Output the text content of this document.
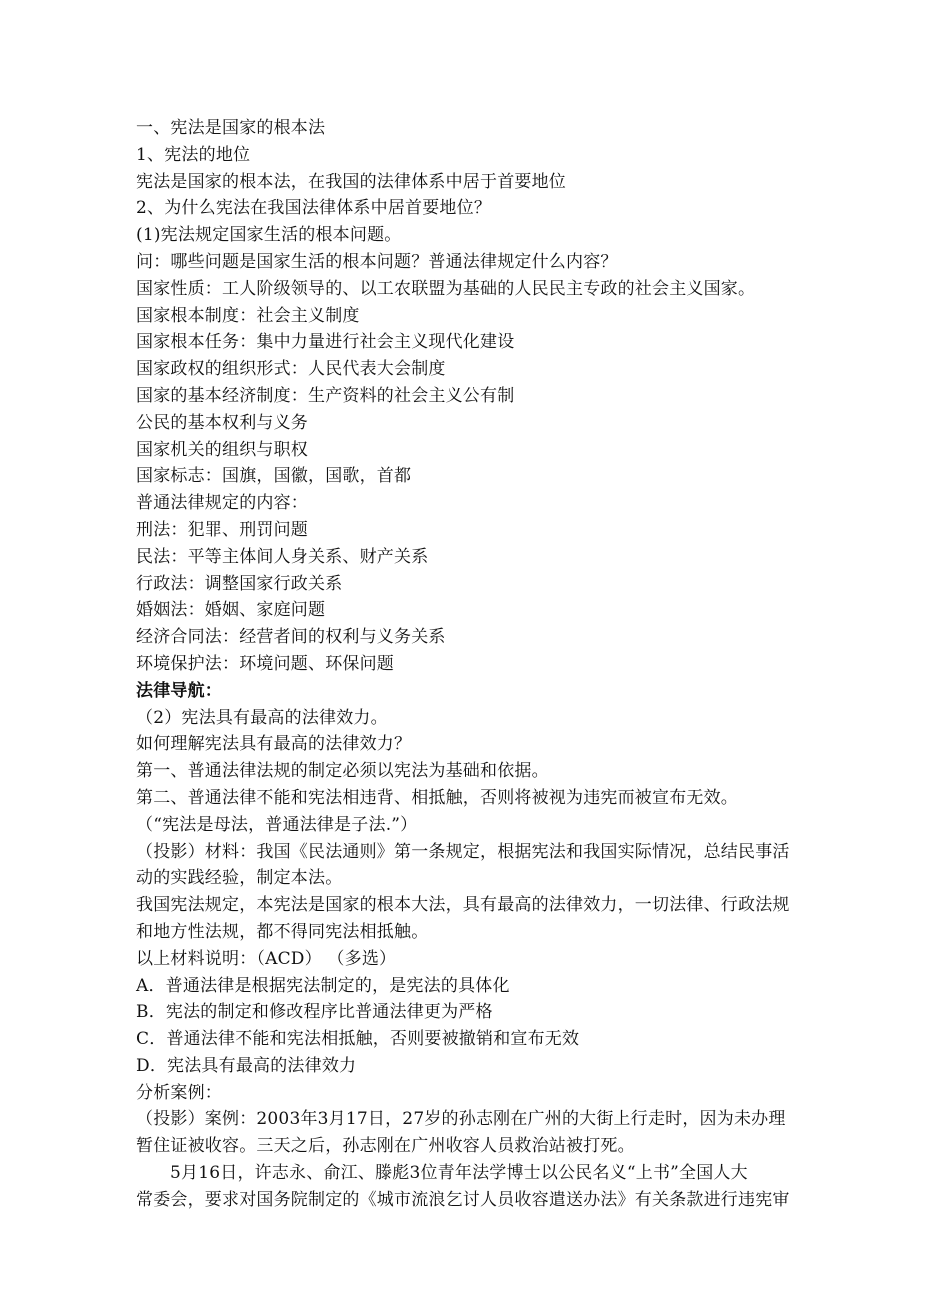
一、宪法是国家的根本法
1、宪法的地位
宪法是国家的根本法，在我国的法律体系中居于首要地位
2、为什么宪法在我国法律体系中居首要地位？
(1)宪法规定国家生活的根本问题。
问：哪些问题是国家生活的根本问题？普通法律规定什么内容？
国家性质：工人阶级领导的、以工农联盟为基础的人民民主专政的社会主义国家。
国家根本制度：社会主义制度
国家根本任务：集中力量进行社会主义现代化建设
国家政权的组织形式：人民代表大会制度
国家的基本经济制度：生产资料的社会主义公有制
公民的基本权利与义务
国家机关的组织与职权
国家标志：国旗，国徽，国歌，首都
普通法律规定的内容：
刑法：犯罪、刑罚问题
民法：平等主体间人身关系、财产关系
行政法：调整国家行政关系
婚姻法：婚姻、家庭问题
经济合同法：经营者间的权利与义务关系
环境保护法：环境问题、环保问题
法律导航：
（2）宪法具有最高的法律效力。
如何理解宪法具有最高的法律效力？
第一、普通法律法规的制定必须以宪法为基础和依据。
第二、普通法律不能和宪法相违背、相抵触，否则将被视为违宪而被宣布无效。
（“宪法是母法，普通法律是子法.”）
（投影）材料：我国《民法通则》第一条规定，根据宪法和我国实际情况，总结民事活
动的实践经验，制定本法。
我国宪法规定，本宪法是国家的根本大法，具有最高的法律效力，一切法律、行政法规
和地方性法规，都不得同宪法相抵触。
以上材料说明：（ACD） （多选）
A．普通法律是根据宪法制定的，是宪法的具体化
B．宪法的制定和修改程序比普通法律更为严格
C．普通法律不能和宪法相抵触，否则要被撤销和宣布无效
D．宪法具有最高的法律效力
分析案例：
（投影）案例：2003年3月17日，27岁的孙志刚在广州的大街上行走时，因为未办理
暂住证被收容。三天之后，孙志刚在广州收容人员救治站被打死。
5月16日，许志永、俞江、滕彪3位青年法学博士以公民名义“上书”全国人大
常委会，要求对国务院制定的《城市流浪乞讨人员收容遣送办法》有关条款进行违宪审
